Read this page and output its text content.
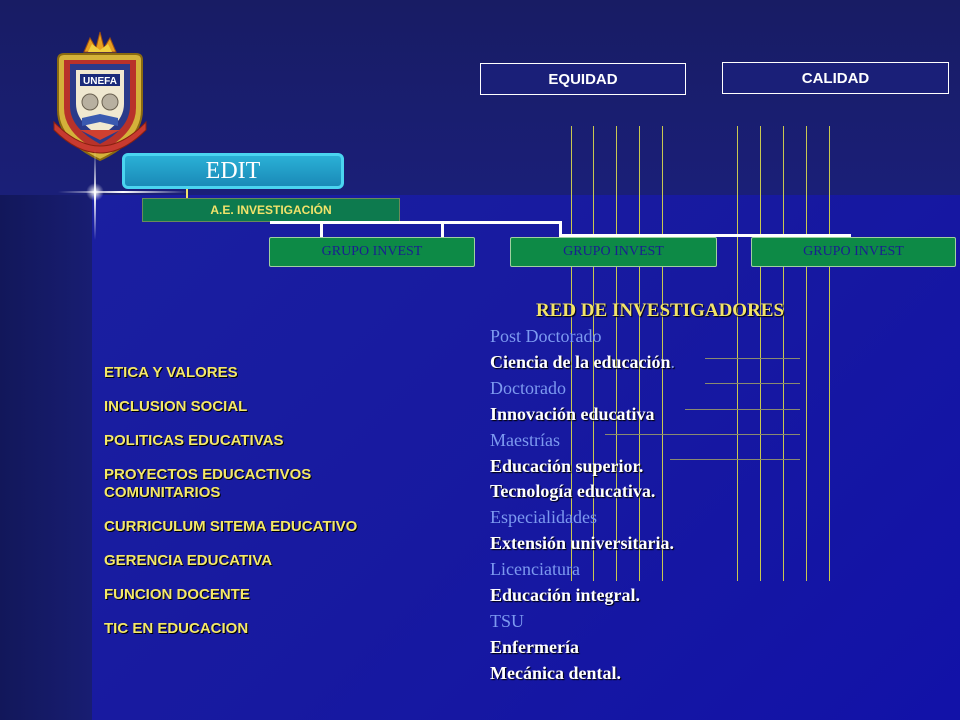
UNEFA	EQUIDAD	CALIDAD
EDIT
A.E. INVESTIGACIÓN
GRUPO INVEST	GRUPO INVEST	GRUPO INVEST
ETICA Y VALORES
INCLUSION SOCIAL
POLITICAS EDUCATIVAS
PROYECTOS EDUCACTIVOS COMUNITARIOS
CURRICULUM SITEMA EDUCATIVO
GERENCIA EDUCATIVA
FUNCION DOCENTE
TIC EN EDUCACION
RED DE INVESTIGADORES
Post Doctorado
Ciencia de la educación.
Doctorado
Innovación educativa
Maestrías
Educación superior.
Tecnología educativa.
Especialidades
Extensión universitaria.
Licenciatura
Educación integral.
TSU
Enfermería
Mecánica dental.
